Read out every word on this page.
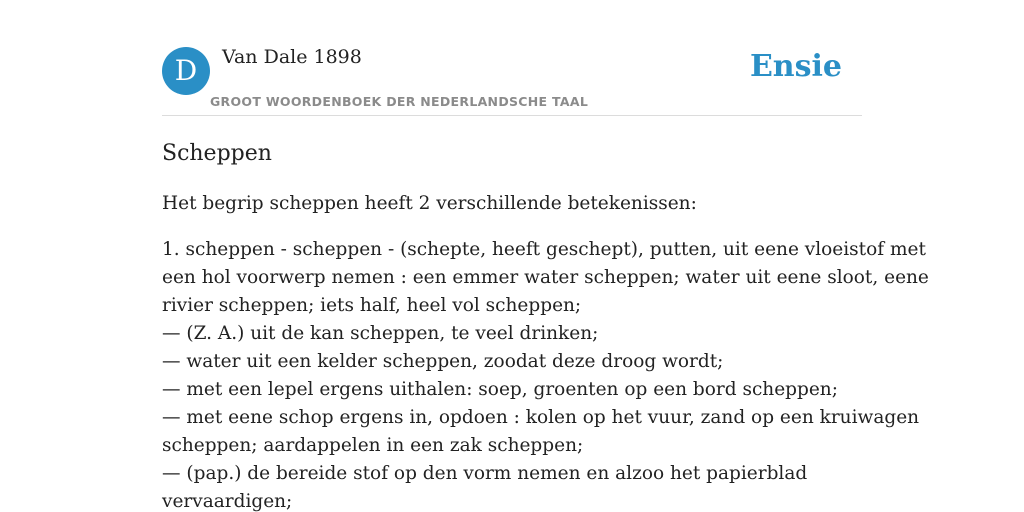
D	Van Dale 1898
GROOT WOORDENBOEK DER NEDERLANDSCHE TAAL
Ensie
Scheppen

Het begrip scheppen heeft 2 verschillende betekenissen:

1. scheppen - scheppen - (schepte, heeft geschept), putten, uit eene vloeistof met
een hol voorwerp nemen : een emmer water scheppen; water uit eene sloot, eene
rivier scheppen; iets half, heel vol scheppen;
— (Z. A.) uit de kan scheppen, te veel drinken;
— water uit een kelder scheppen, zoodat deze droog wordt;
— met een lepel ergens uithalen: soep, groenten op een bord scheppen;
— met eene schop ergens in, opdoen : kolen op het vuur, zand op een kruiwagen
scheppen; aardappelen in een zak scheppen;
— (pap.) de bereide stof op den vorm nemen en alzoo het papierblad
vervaardigen;
